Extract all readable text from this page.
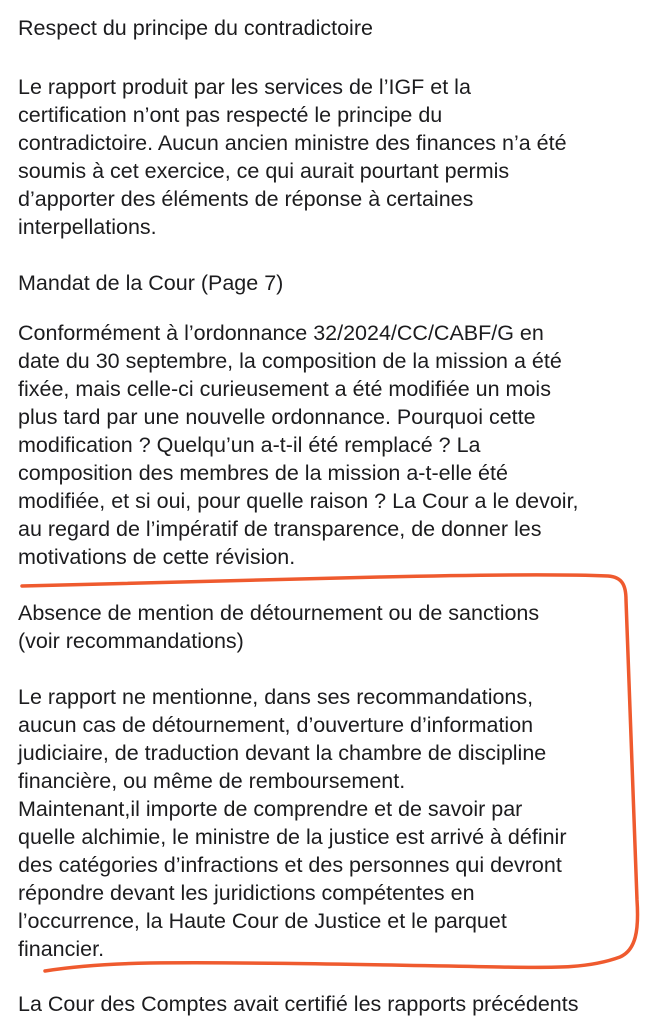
Respect du principe du contradictoire

Le rapport produit par les services de l’IGF et la

certification n’ont pas respecté le principe du

contradictoire. Aucun ancien ministre des finances n’a été

soumis à cet exercice, ce qui aurait pourtant permis

d’apporter des éléments de réponse à certaines

interpellations.

Mandat de la Cour (Page 7)

Conformément à l’ordonnance 32/2024/CC/CABF/G en

date du 30 septembre, la composition de la mission a été

fixée, mais celle-ci curieusement a été modifiée un mois

plus tard par une nouvelle ordonnance. Pourquoi cette

modification ? Quelqu’un a-t-il été remplacé ? La

composition des membres de la mission a-t-elle été

modifiée, et si oui, pour quelle raison ? La Cour a le devoir,

au regard de l’impératif de transparence, de donner les

motivations de cette révision.

Absence de mention de détournement ou de sanctions

(voir recommandations)

Le rapport ne mentionne, dans ses recommandations,

aucun cas de détournement, d’ouverture d’information

judiciaire, de traduction devant la chambre de discipline

financière, ou même de remboursement.

Maintenant,il importe de comprendre et de savoir par

quelle alchimie, le ministre de la justice est arrivé à définir

des catégories d’infractions et des personnes qui devront

répondre devant les juridictions compétentes en

l’occurrence, la Haute Cour de Justice et le parquet

financier.

La Cour des Comptes avait certifié les rapports précédents
